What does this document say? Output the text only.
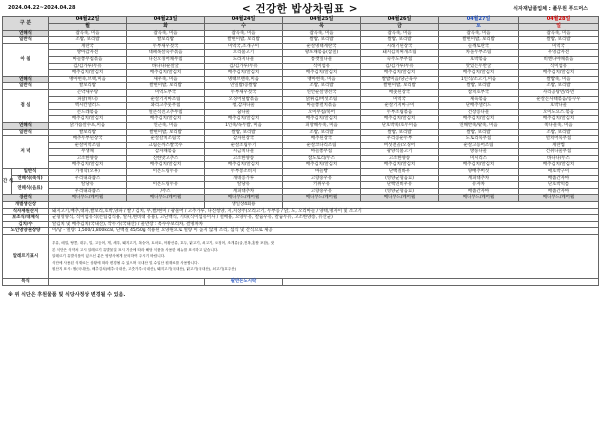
2024.04.22~2024.04.28	< 건강한 밥상차림표 >	식자재납품업체 : 풀무원 푸드머스
구 분		04월22일	04월23일	04월24일	04월25일	04월26일	04월27일	04월28일
		월	화	수	목	금	토	일
연해식		잡곡죽, 미음	잡곡죽, 미음	잡곡죽, 미음	잡곡죽, 미음	잡곡죽, 미음	잡곡죽, 미음	잡곡죽, 미음
일반식		조밥, 보리밥	쌀보리밥	쌀현미밥, 보리밥	쌀밥, 보리밥	쌀밥, 보리밥	쌀현미밥, 보리밥	쌀밥, 보리밥
아 침		계란국	두부새우젓국	미역국,조개구이	순살명태계란국	시래기된장국	들깨토란국	미역국
		방아감자전	대패목살숙주볶음	오리불고기	왕포채볶음(삼칠)	돼지김치찌개조림	차돌두부조림	우엉감자전
		마늘쫑무침볶음	다진오징어채무침	도라지나물	통깻잎나물	숙주도부무침	호박볶음	비엔나야채볶음
		김/김가루/두유	바나나/순살굴	김/김가루/두유	식이섬유	김/김가루/두유	맛있는두반굴	식이섬유
		배추김치/알김치	배추김치/알김치	배추김치/알김치	배추김치/알김치	배추김치/알김치	배추김치/알김치	배추김치/알김치
연해식		맹아현죽,브랙,미음	새우죽, 미음	명태브랜죽,미음	맹아현죽, 미음	쌀밥미음/당근육수	1인식/소고기,미음	쌀밥죽, 미음
일반식		쌀보리밥	쌀현미밥, 보리밥	연잎밥/콩쌀밥	조밥, 보리밥	쌀현미밥, 보리밥	쌀밥, 보리밥	조밥, 보리밥
점 심		곤약새우탕	미역도부국	두부새우젓국	연안순살생선국	배춧된장국	참치호부국	사리공탕면/라면
		파닭(허니)	순살기지마조림	오징어덮밥볶음	닭튀김/버섯조림	미역국	제육볶음	순살돈사태볶음/콩쿠우
		맥시칸샐러드	꽈리고추뭇무침	청,감자나물	마늘쫑멸치볶음	순살기지마구이	단배추샐러드	호박나물
		콘드레볶음	얼큰석진고추무침	꿈나물	오이무침/북어	두부조림볶음	건장콩나물	오이도요스.볶음
		배추김치/알김치	배추김치/알김치	배추김치/알김치	배추김치/알김치	배추김치/알김치	배추김치/알김치	배추김치/알김치
연해식		닭가슴살수프,미음	연근죽, 미음	1인죽/녹두밥, 미음	피망해두죽, 미음	단호박죽/호두미음	연해반죽/팥죽, 미음	쑥나물죽, 미음
일반식		쌀보리밥	쌀현미밥, 보리밥	쌀밥, 보리밥	조밥, 보리밥	쌀밥, 보리밥	쌀밥, 보리밥	조밥, 보리밥
저 녁		배추두부된장국	순살갈치조림국	감자된장국	배추된장국	우리콩순두부	도토리묵무침	멸치어묵무침
		순살미역조림	크림돈까스쌀국수	순살조림두기	순살코다리조림	버섯전골/오징어	순살고등어조림	계란찜
		무생채	감자채볶음	시금치나물	마늘쫑무침	광양식불고기	방풍나물	건취나물무침
		고소한양송	진한맛고추스	고소한양송	참도토리/두스	고소한양송	미시리스	바나나/두스
		배추김치/알김치	배추김치/알김치	배추김치/알김치	배추김치/알김치	배추김치/알김치	배추김치/알김치	배추김치/알김치
간 식	일반식	가정학(오후)	이온드링두유	두부봉소비지	마늘빵	단백질바우	양배추버섯	애호박구이
	연해식(죽식)	우리내과즙스		개네콩가루	고향숭우유	(영양균형음료)	계피대추차	배즙간자마
	연해식(음료)	딸당유	이온드링두유	딸당유	키위우유	단백연비우유	유자차	단호박떡틈
		우리내과즙스	/주스	계피대추차	고향숭우유	(영양균형음료)	배즙간자마	배즙간자마
경관식		메디푸드/케어웰	메디푸드/케어웰	메디푸드/케어웰	메디푸드/케어웰	메디푸드/케어웰	메디푸드/케어웰	메디푸드/케어웰
개별생신상				생일상4회용				
식자재원산지		돼지고기,배추,대파,쌀보리,호박,양파 / 쌀 / 김치, 무,쌀/현미 / 광물어 / 고추가루, 다진청양, 지,지상주(오리고기, 두부콩 / 닭, 도, 오리마늘 / 양태,명자이 및 소고기						
보조식/대체식		균형영양식, 식이섬유식(콘팁검식용, 알사,변비대 유용), 고단백식, 기타(식이섬유이사 / 설배용, 요양두유, 칼슘우유, 칼슘두유, 고소한양송, 유산균)						
김치/수		알김치 및 배추김치(국내산), 깍두기(국내산) / 물만장 : 옥수수보리차, 결명차차						
노인영양권장량		이/남 - 열량: 1,500/1,800kcal, 단백질 45/50g 적용된 요양원으로 열량 이 높지 않게 조리, 섬식 및 간식으로 제공						
알레르기표시		우유, 메밀, 땅콩, 대두, 밀, 고등어, 게, 새우, 돼지고기, 복숭아, 토마토, 아황산류, 호두, 닭고기, 쇠고기, 오징어, 조개류(굴,전복,홍합 포함), 잣
본 식단은 식약처 고시 알레르기 유발물질 표시 기준에 따라 해당 식품을 사용한 메뉴를 표시하고 있습니다.
알레르기 유발식품이 있으신 분은 영양사에게 문의하여 주시기 바랍니다.
식단에 사용된 식재료는 상황에 따라 변경될 수 있으며 국내산 및 수입산 원재료를 사용합니다.
원산지 표시: 쌀(국내산), 배추김치(배추:국내산, 고춧가루:국내산), 돼지고기(국내산), 닭고기(국내산), 쇠고기(호주산)						

특식				팔반돈도시락				
※ 위 식단은 후원물품 및 식당사정상 변경될 수 있음.
